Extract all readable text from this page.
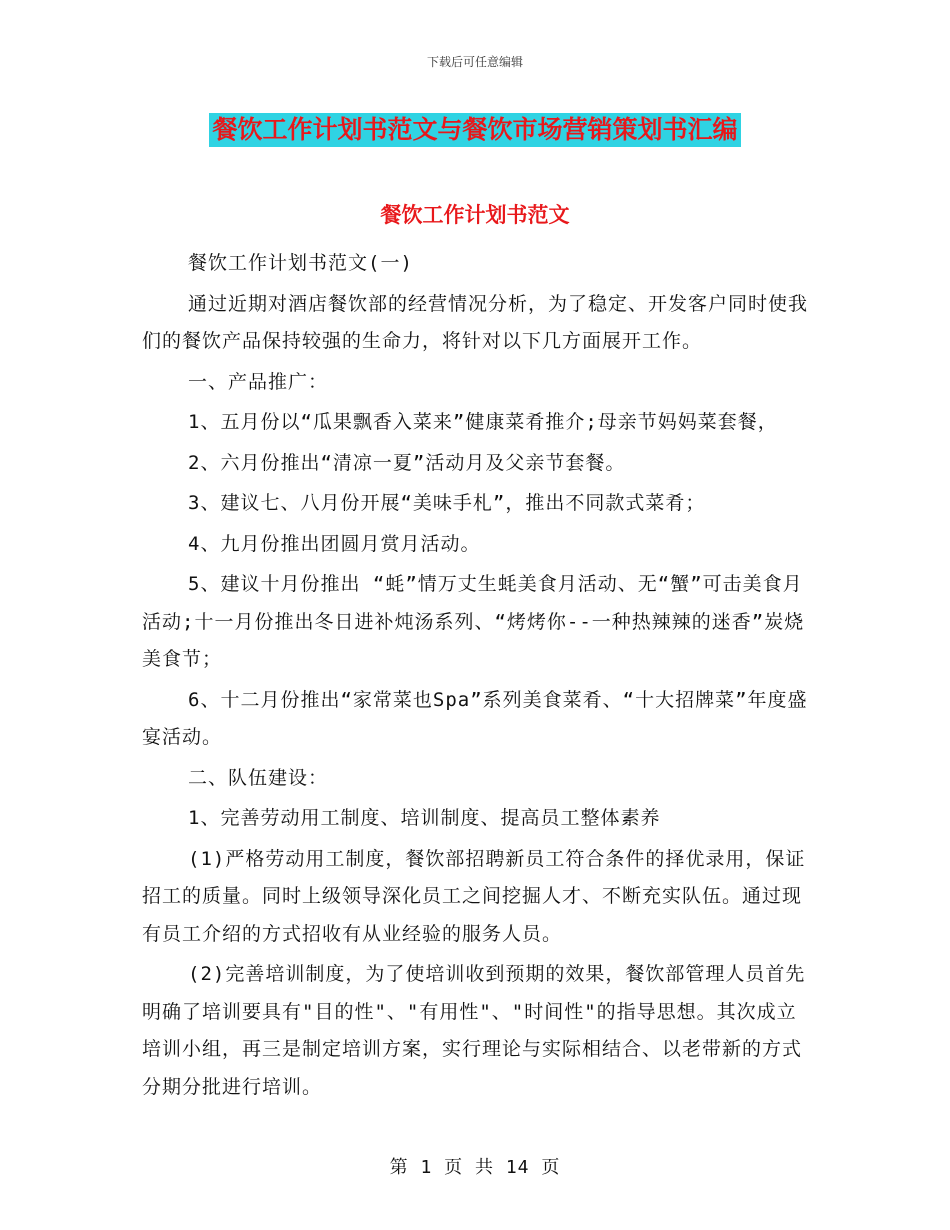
下载后可任意编辑
餐饮工作计划书范文与餐饮市场营销策划书汇编
餐饮工作计划书范文

餐饮工作计划书范文(一)

通过近期对酒店餐饮部的经营情况分析，为了稳定、开发客户同时使我们的餐饮产品保持较强的生命力，将针对以下几方面展开工作。

一、产品推广：

1、五月份以“瓜果飘香入菜来”健康菜肴推介;母亲节妈妈菜套餐，

2、六月份推出“清凉一夏”活动月及父亲节套餐。

3、建议七、八月份开展“美味手札”，推出不同款式菜肴；

4、九月份推出团圆月赏月活动。

5、建议十月份推出 “蚝”情万丈生蚝美食月活动、无“蟹”可击美食月活动;十一月份推出冬日进补炖汤系列、“烤烤你--一种热辣辣的迷香”炭烧美食节；

6、十二月份推出“家常菜也Spa”系列美食菜肴、“十大招牌菜”年度盛宴活动。

二、队伍建设：

1、完善劳动用工制度、培训制度、提高员工整体素养

(1)严格劳动用工制度，餐饮部招聘新员工符合条件的择优录用，保证招工的质量。同时上级领导深化员工之间挖掘人才、不断充实队伍。通过现有员工介绍的方式招收有从业经验的服务人员。

(2)完善培训制度，为了使培训收到预期的效果，餐饮部管理人员首先明确了培训要具有"目的性"、"有用性"、"时间性"的指导思想。其次成立培训小组，再三是制定培训方案，实行理论与实际相结合、以老带新的方式分期分批进行培训。

第 1 页 共 14 页
